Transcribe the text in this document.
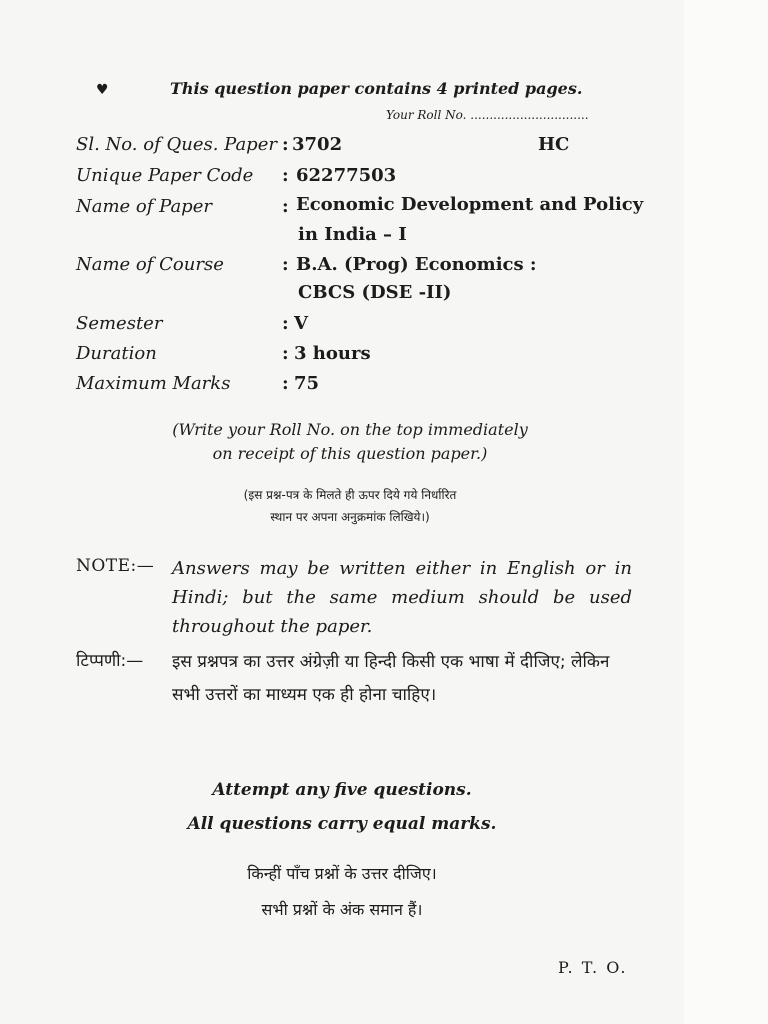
♥	This question paper contains 4 printed pages.
Your Roll No. ...............................
HC
Sl. No. of Ques. Paper : 3702
Unique Paper Code : 62277503
Name of Paper	: Economic Development and Policy
in India – I
Name of Course	: B.A. (Prog) Economics :
CBCS (DSE -II)
Semester	: V
Duration	: 3 hours
Maximum Marks	: 75
(Write your Roll No. on the top immediately
on receipt of this question paper.)
(इस प्रश्न-पत्र के मिलते ही ऊपर दिये गये निर्धारित
स्थान पर अपना अनुक्रमांक लिखिये।)
NOTE:— Answers may be written either in English or in Hindi; but the same medium should be used throughout the paper.
टिप्पणी:— इस प्रश्नपत्र का उत्तर अंग्रेज़ी या हिन्दी किसी एक भाषा में दीजिए; लेकिन सभी उत्तरों का माध्यम एक ही होना चाहिए।
Attempt any five questions.
All questions carry equal marks.
किन्हीं पाँच प्रश्नों के उत्तर दीजिए।
सभी प्रश्नों के अंक समान हैं।
P. T. O.
